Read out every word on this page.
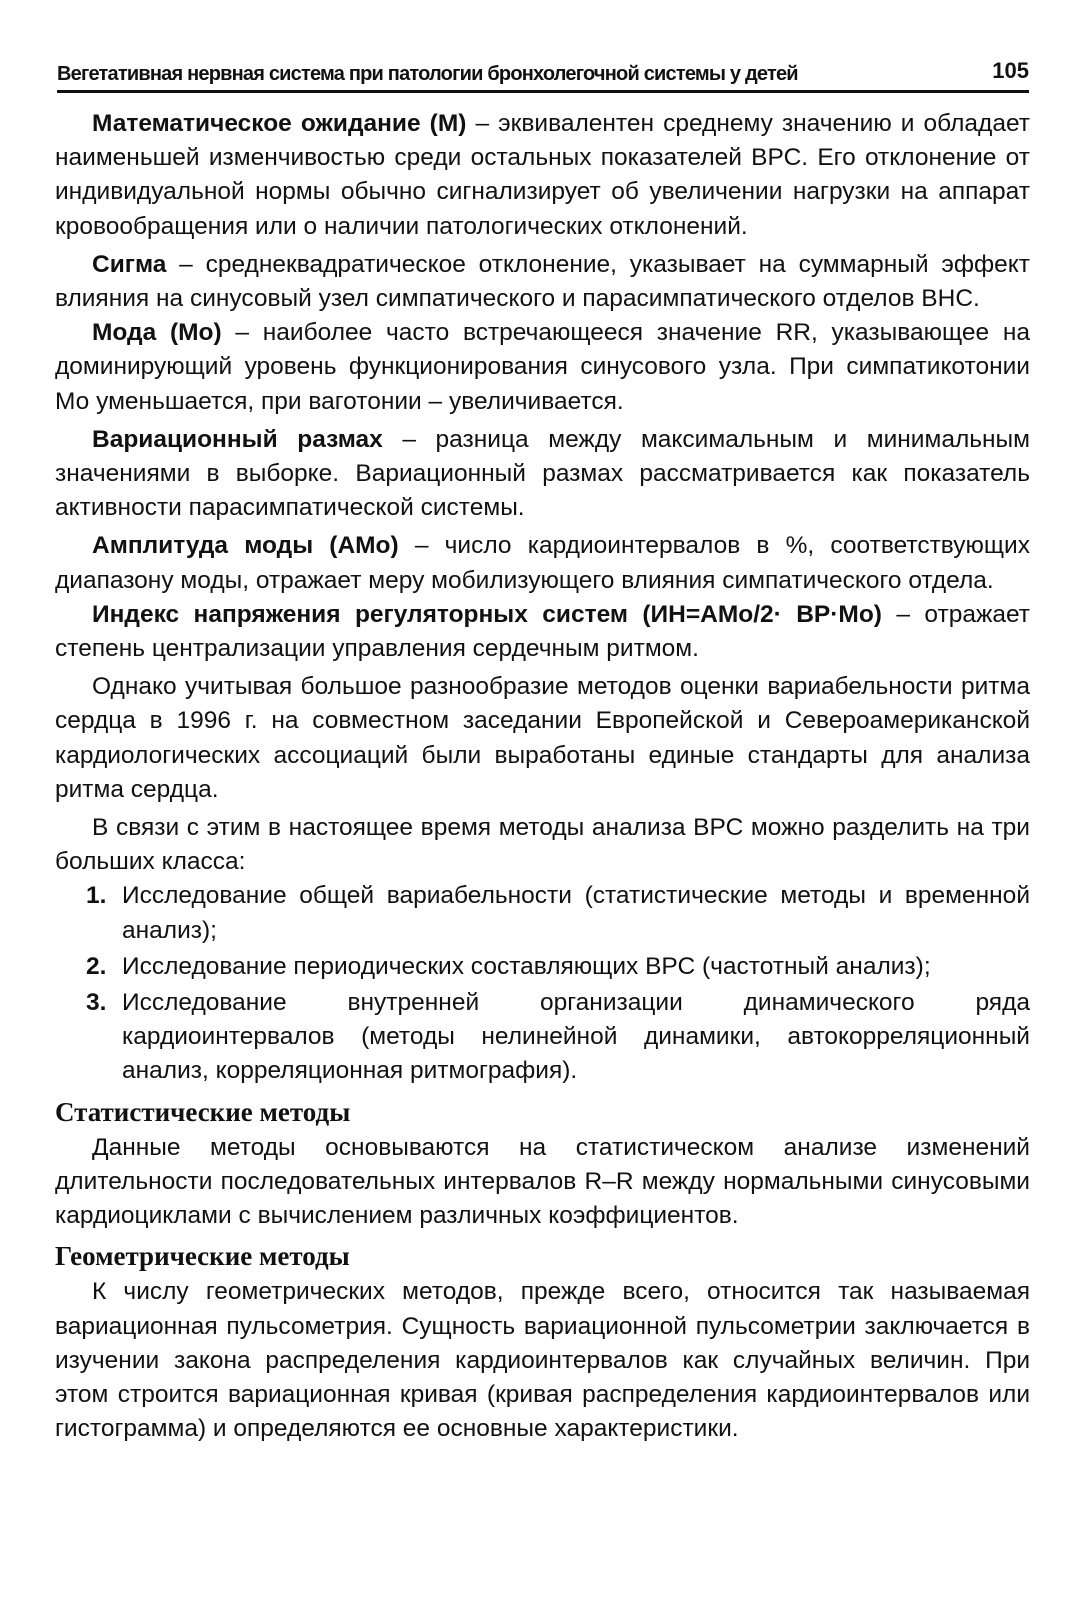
Вегетативная нервная система при патологии бронхолегочной системы у детей	105

Математическое ожидание (М) – эквивалентен среднему значению и обладает наименьшей изменчивостью среди остальных показателей ВРС. Его отклонение от индивидуальной нормы обычно сигнализирует об увеличении нагрузки на аппарат кровообращения или о наличии патологических отклонений.

Сигма – среднеквадратическое отклонение, указывает на суммарный эффект влияния на синусовый узел симпатического и парасимпатического отделов ВНС.

Мода (Мо) – наиболее часто встречающееся значение RR, указывающее на доминирующий уровень функционирования синусового узла. При симпатикотонии Мо уменьшается, при ваготонии – увеличивается.

Вариационный размах – разница между максимальным и минимальным значениями в выборке. Вариационный размах рассматривается как показатель активности парасимпатической системы.

Амплитуда моды (АМо) – число кардиоинтервалов в %, соответствующих диапазону моды, отражает меру мобилизующего влияния симпатического отдела.

Индекс напряжения регуляторных систем (ИН=АМо/2· ВР·Мо) – отражает степень централизации управления сердечным ритмом.

Однако учитывая большое разнообразие методов оценки вариабельности ритма сердца в 1996 г. на совместном заседании Европейской и Североамериканской кардиологических ассоциаций были выработаны единые стандарты для анализа ритма сердца.

В связи с этим в настоящее время методы анализа ВРС можно разделить на три больших класса:

1. Исследование общей вариабельности (статистические методы и временной анализ);
2. Исследование периодических составляющих ВРС (частотный анализ);
3. Исследование внутренней организации динамического ряда кардиоинтервалов (методы нелинейной динамики, автокорреляционный анализ, корреляционная ритмография).
Статистические методы

Данные методы основываются на статистическом анализе изменений длительности последовательных интервалов R–R между нормальными синусовыми кардиоциклами с вычислением различных коэффициентов.

Геометрические методы

К числу геометрических методов, прежде всего, относится так называемая вариационная пульсометрия. Сущность вариационной пульсометрии заключается в изучении закона распределения кардиоинтервалов как случайных величин. При этом строится вариационная кривая (кривая распределения кардиоинтервалов или гистограмма) и определяются ее основные характеристики.
